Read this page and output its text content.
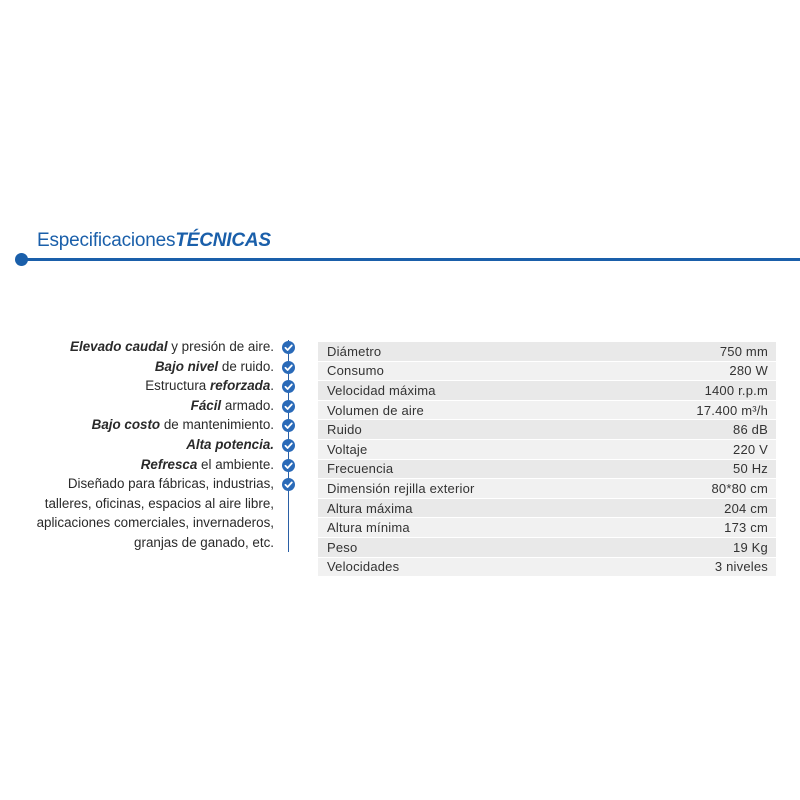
EspecificacionesTÉCNICAS
Elevado caudal y presión de aire.
Bajo nivel de ruido.
Estructura reforzada.
Fácil armado.
Bajo costo de mantenimiento.
Alta potencia.
Refresca el ambiente.
Diseñado para fábricas, industrias,
talleres, oficinas, espacios al aire libre,
aplicaciones comerciales, invernaderos,
granjas de ganado, etc.
Diámetro	750 mm
Consumo	280 W
Velocidad máxima	1400 r.p.m
Volumen de aire	17.400 m³/h
Ruido	86 dB
Voltaje	220 V
Frecuencia	50 Hz
Dimensión rejilla exterior	80*80 cm
Altura máxima	204 cm
Altura mínima	173 cm
Peso	19 Kg
Velocidades	3 niveles
